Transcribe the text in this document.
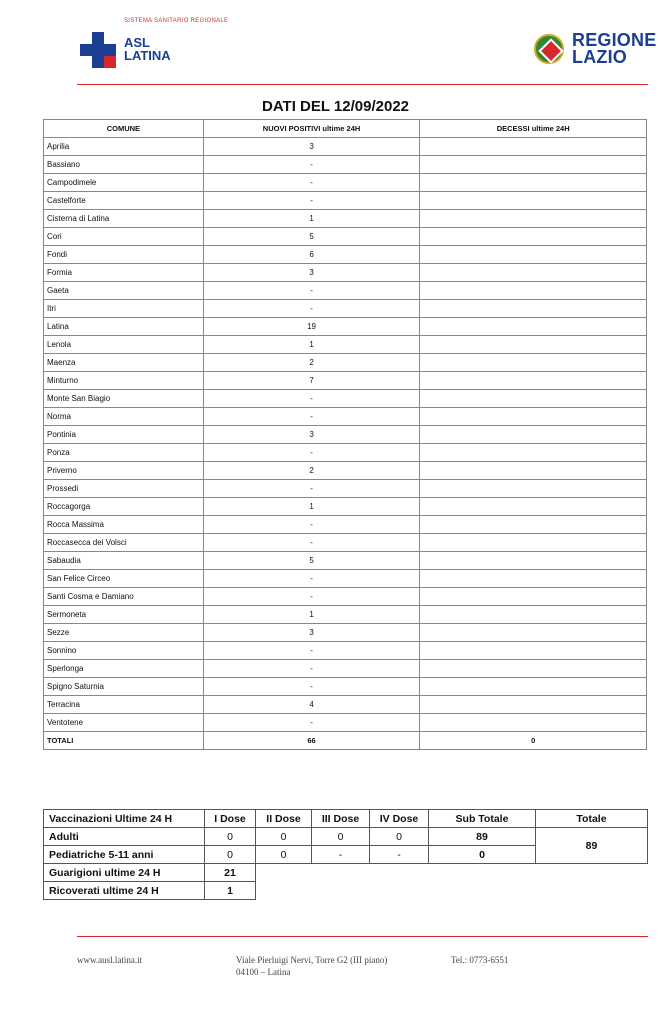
SISTEMA SANITARIO REGIONALE
ASL
LATINA
REGIONE
LAZIO
DATI DEL 12/09/2022
COMUNE	NUOVI POSITIVI ultime 24H	DECESSI ultime 24H
Aprilia	3	
Bassiano	-	
Campodimele	-	
Castelforte	-	
Cisterna di Latina	1	
Cori	5	
Fondi	6	
Formia	3	
Gaeta	-	
Itri	-	
Latina	19	
Lenola	1	
Maenza	2	
Minturno	7	
Monte San Biagio	-	
Norma	-	
Pontinia	3	
Ponza	-	
Priverno	2	
Prossedi	-	
Roccagorga	1	
Rocca Massima	-	
Roccasecca dei Volsci	-	
Sabaudia	5	
San Felice Circeo	-	
Santi Cosma e Damiano	-	
Sermoneta	1	
Sezze	3	
Sonnino	-	
Sperlonga	-	
Spigno Saturnia	-	
Terracina	4	
Ventotene	-	
TOTALI	66	0
Vaccinazioni Ultime 24 H	I Dose	II Dose	III Dose	IV Dose	Sub Totale	Totale
Adulti	0	0	0	0	89	89
Pediatriche 5-11 anni	0	0	-	-	0	
Guarigioni ultime 24 H	21					
Ricoverati ultime 24 H	1					
www.ausl.latina.it	Viale Pierluigi Nervi, Torre G2 (III piano)
04100 – Latina
Tel.: 0773-6551
